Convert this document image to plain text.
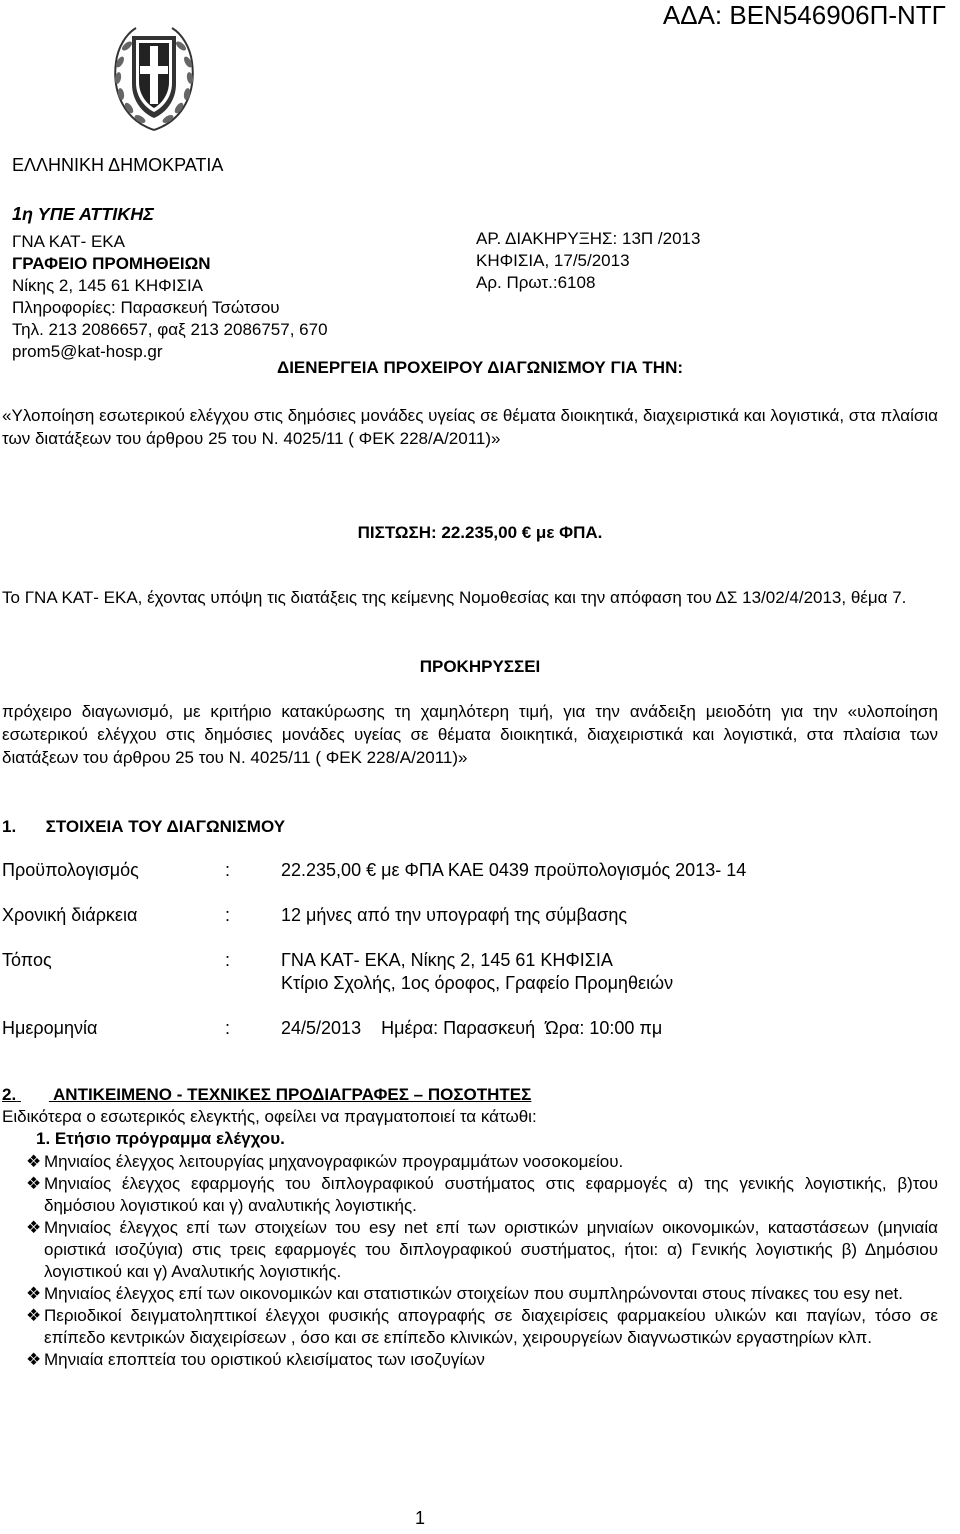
ΑΔΑ: ΒΕΝ546906Π-ΝΤΓ
ΕΛΛΗΝΙΚΗ ΔΗΜΟΚΡΑΤΙΑ
1η ΥΠΕ ΑΤΤΙΚΗΣ
ΓΝΑ ΚΑΤ- ΕΚΑ
ΓΡΑΦΕΙΟ ΠΡΟΜΗΘΕΙΩΝ
Νίκης 2, 145 61 ΚΗΦΙΣΙΑ
Πληροφορίες: Παρασκευή Τσώτσου
Τηλ. 213 2086657, φαξ 213 2086757, 670
prom5@kat-hosp.gr
ΑΡ. ΔΙΑΚΗΡΥΞΗΣ: 13Π /2013
ΚΗΦΙΣΙΑ, 17/5/2013
Αρ. Πρωτ.:6108
ΔΙΕΝΕΡΓΕΙΑ ΠΡΟΧΕΙΡΟΥ ΔΙΑΓΩΝΙΣΜΟΥ ΓΙΑ ΤΗΝ:
«Υλοποίηση εσωτερικού ελέγχου στις δημόσιες μονάδες υγείας σε θέματα διοικητικά, διαχειριστικά και λογιστικά, στα πλαίσια των διατάξεων του άρθρου 25 του Ν. 4025/11 ( ΦΕΚ 228/Α/2011)»
ΠΙΣΤΩΣΗ: 22.235,00 € με ΦΠΑ.
Το ΓΝΑ ΚΑΤ- ΕΚΑ, έχοντας υπόψη τις διατάξεις της κείμενης Νομοθεσίας και την απόφαση του ΔΣ 13/02/4/2013, θέμα 7.
ΠΡΟΚΗΡΥΣΣΕΙ
πρόχειρο διαγωνισμό, με κριτήριο κατακύρωσης τη χαμηλότερη τιμή, για την ανάδειξη μειοδότη για την «υλοποίηση εσωτερικού ελέγχου στις δημόσιες μονάδες υγείας σε θέματα διοικητικά, διαχειριστικά και λογιστικά, στα πλαίσια των διατάξεων του άρθρου 25 του Ν. 4025/11 ( ΦΕΚ 228/Α/2011)»
1. ΣΤΟΙΧΕΙΑ ΤΟΥ ΔΙΑΓΩΝΙΣΜΟΥ
Προϋπολογισμός	:	22.235,00 € με ΦΠΑ ΚΑΕ 0439 προϋπολογισμός 2013- 14
Χρονική διάρκεια	:	12 μήνες από την υπογραφή της σύμβασης
Τόπος	:	ΓΝΑ ΚΑΤ- ΕΚΑ, Νίκης 2, 145 61 ΚΗΦΙΣΙΑ
Κτίριο Σχολής, 1ος όροφος, Γραφείο Προμηθειών
Ημερομηνία	:	24/5/2013    Ημέρα: Παρασκευή  Ώρα: 10:00 πμ
2. ΑΝΤΙΚΕΙΜΕΝΟ - ΤΕΧΝΙΚΕΣ ΠΡΟΔΙΑΓΡΑΦΕΣ – ΠΟΣΟΤΗΤΕΣ
Ειδικότερα ο εσωτερικός ελεγκτής, οφείλει να πραγματοποιεί τα κάτωθι:
1. Ετήσιο πρόγραμμα ελέγχου.
❖ Μηνιαίος έλεγχος λειτουργίας μηχανογραφικών προγραμμάτων νοσοκομείου.
❖ Μηνιαίος έλεγχος εφαρμογής του διπλογραφικού συστήματος στις εφαρμογές α) της γενικής λογιστικής, β)του δημόσιου λογιστικού και γ) αναλυτικής λογιστικής.
❖ Μηνιαίος έλεγχος επί των στοιχείων του esy net επί των οριστικών μηνιαίων οικονομικών, καταστάσεων (μηνιαία οριστικά ισοζύγια) στις τρεις εφαρμογές του διπλογραφικού συστήματος, ήτοι: α) Γενικής λογιστικής β) Δημόσιου λογιστικού και γ) Αναλυτικής λογιστικής.
❖ Μηνιαίος έλεγχος επί των οικονομικών και στατιστικών στοιχείων που συμπληρώνονται στους πίνακες του esy net.
❖ Περιοδικοί δειγματοληπτικοί έλεγχοι φυσικής απογραφής σε διαχειρίσεις φαρμακείου υλικών και παγίων, τόσο σε επίπεδο κεντρικών διαχειρίσεων , όσο και σε επίπεδο κλινικών, χειρουργείων διαγνωστικών εργαστηρίων κλπ.
❖ Μηνιαία εποπτεία του οριστικού κλεισίματος των ισοζυγίων
1
